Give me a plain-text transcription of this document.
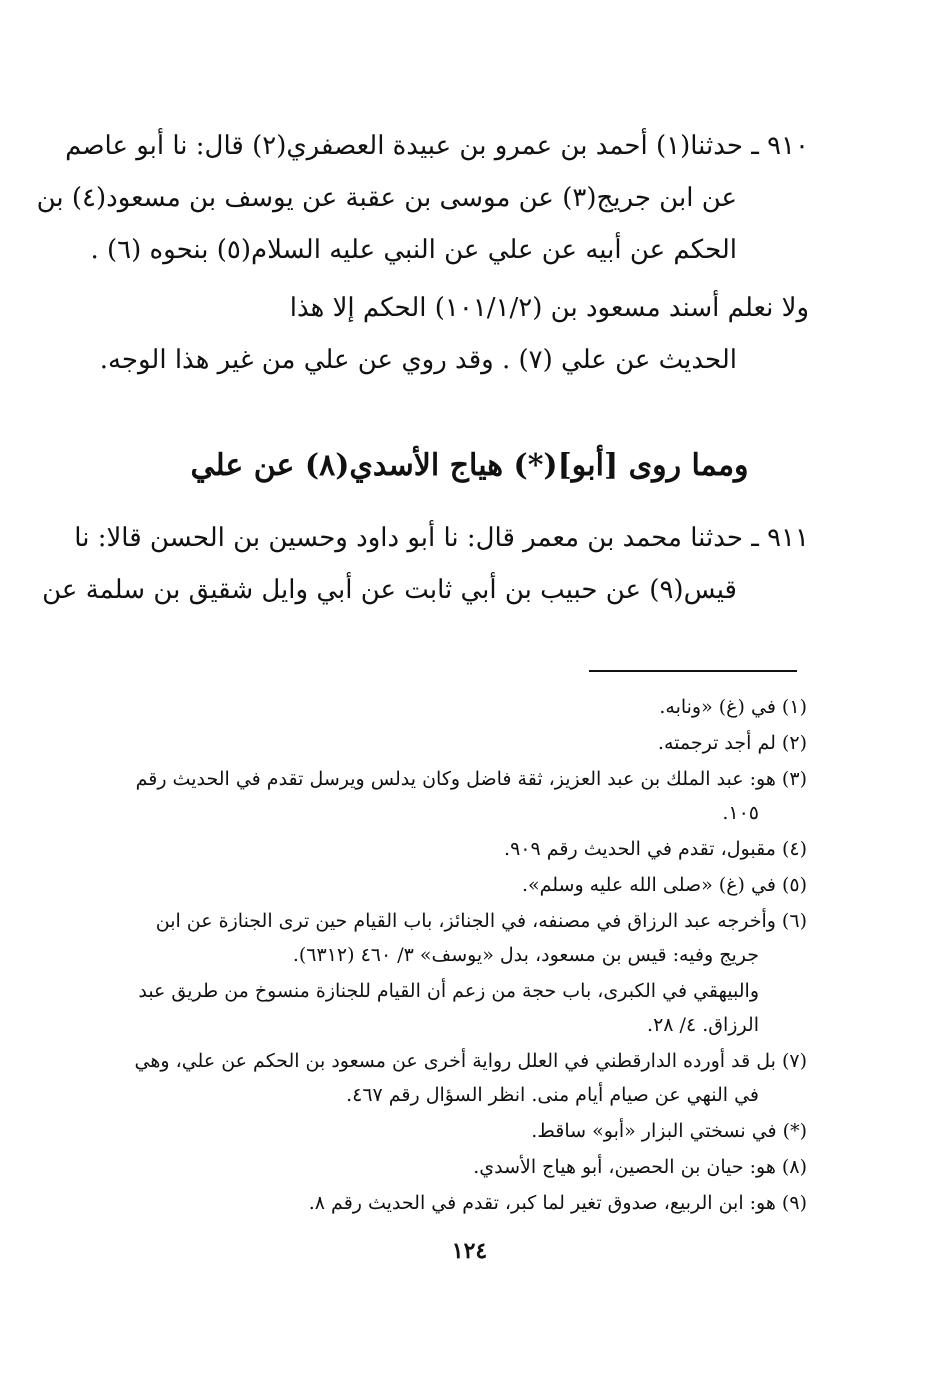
٩١٠ ـ حدثنا(١) أحمد بن عمرو بن عبيدة العصفري(٢) قال: نا أبو عاصم
عن ابن جريج(٣) عن موسى بن عقبة عن يوسف بن مسعود(٤) بن
الحكم عن أبيه عن علي عن النبي عليه السلام(٥) بنحوه (٦) .
ولا نعلم أسند مسعود بن (١٠١/١/٢) الحكم إلا هذا
الحديث عن علي (٧) . وقد روي عن علي من غير هذا الوجه.
ومما روى [أبو](*) هياج الأسدي(٨) عن علي
٩١١ ـ حدثنا محمد بن معمر قال: نا أبو داود وحسين بن الحسن قالا: نا
قيس(٩) عن حبيب بن أبي ثابت عن أبي وايل شقيق بن سلمة عن
(١) في (غ) «ونابه.
(٢) لم أجد ترجمته.
(٣) هو: عبد الملك بن عبد العزيز، ثقة فاضل وكان يدلس ويرسل تقدم في الحديث رقم
١٠٥.
(٤) مقبول، تقدم في الحديث رقم ٩٠٩.
(٥) في (غ) «صلى الله عليه وسلم».
(٦) وأخرجه عبد الرزاق في مصنفه، في الجنائز، باب القيام حين ترى الجنازة عن ابن
جريج وفيه: قيس بن مسعود، بدل «يوسف» ٣/ ٤٦٠ (٦٣١٢).
والبيهقي في الكبرى، باب حجة من زعم أن القيام للجنازة منسوخ من طريق عبد
الرزاق. ٤/ ٢٨.
(٧) بل قد أورده الدارقطني في العلل رواية أخرى عن مسعود بن الحكم عن علي، وهي
في النهي عن صيام أيام منى. انظر السؤال رقم ٤٦٧.
(*) في نسختي البزار «أبو» ساقط.
(٨) هو: حيان بن الحصين، أبو هياج الأسدي.
(٩) هو: ابن الربيع، صدوق تغير لما كبر، تقدم في الحديث رقم ٨.
١٢٤
